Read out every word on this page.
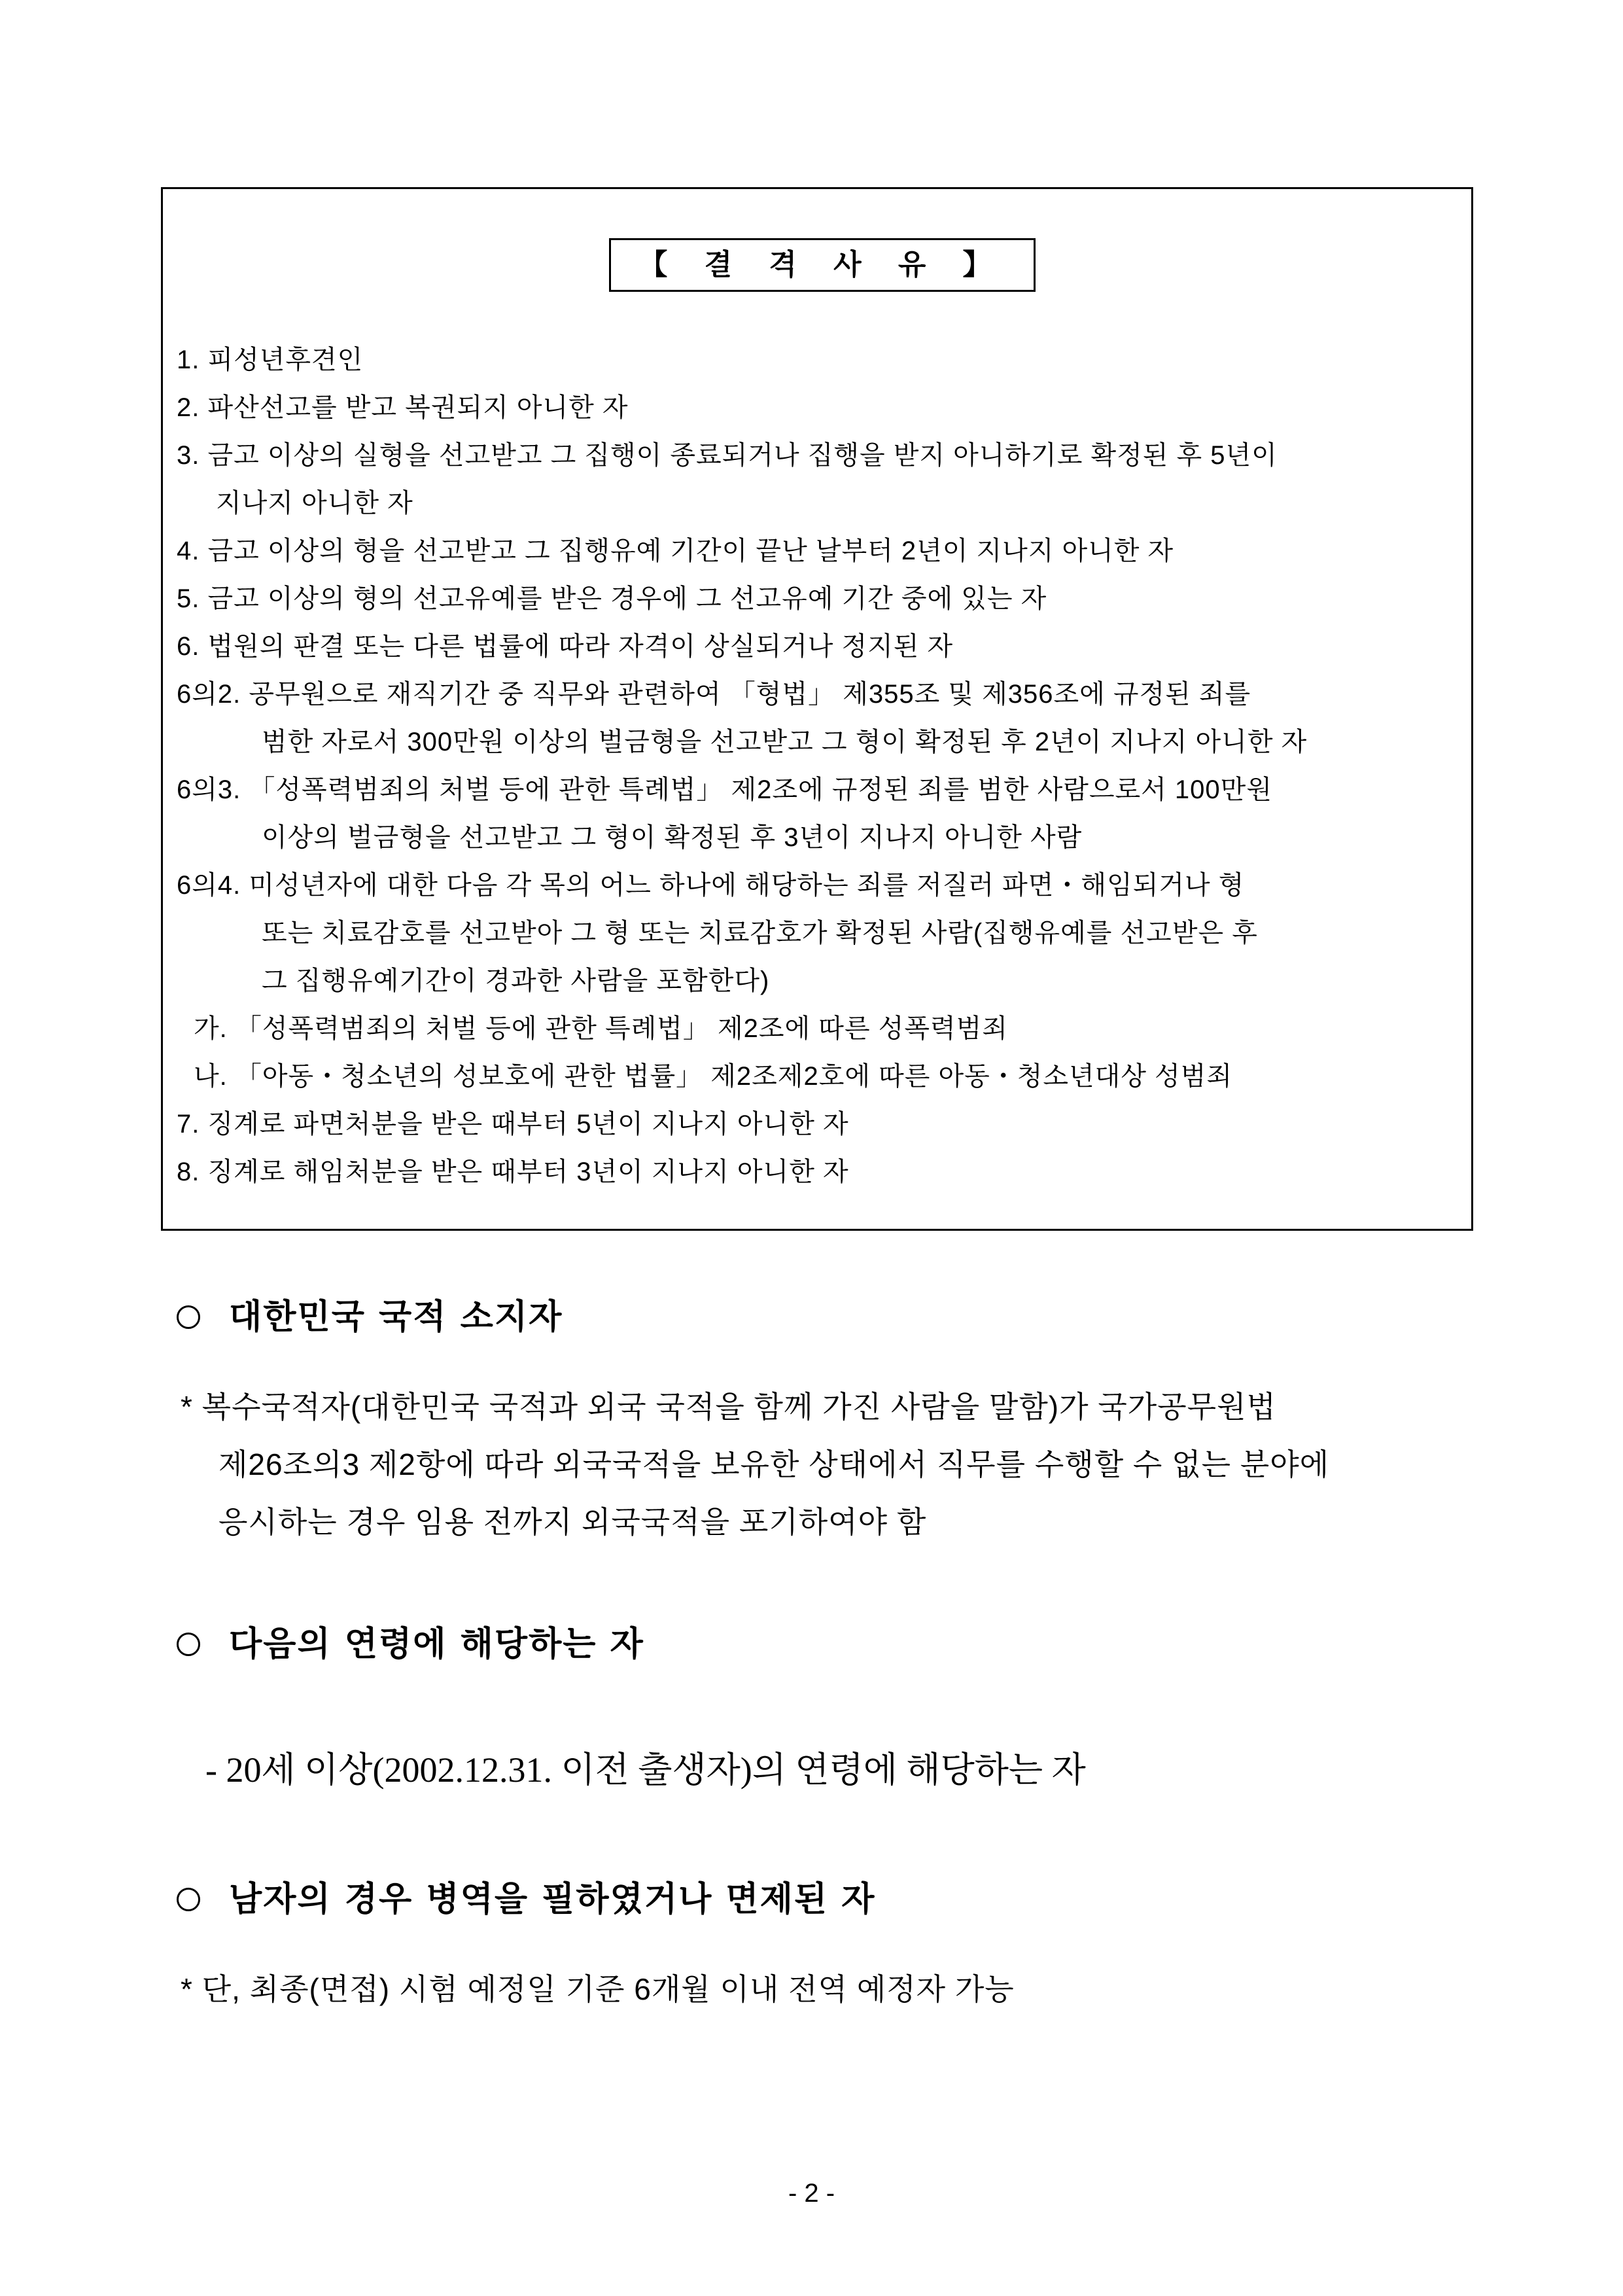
【 결 격 사 유 】
1. 피성년후견인
2. 파산선고를 받고 복권되지 아니한 자
3. 금고 이상의 실형을 선고받고 그 집행이 종료되거나 집행을 받지 아니하기로 확정된 후 5년이
지나지 아니한 자
4. 금고 이상의 형을 선고받고 그 집행유예 기간이 끝난 날부터 2년이 지나지 아니한 자
5. 금고 이상의 형의 선고유예를 받은 경우에 그 선고유예 기간 중에 있는 자
6. 법원의 판결 또는 다른 법률에 따라 자격이 상실되거나 정지된 자
6의2. 공무원으로 재직기간 중 직무와 관련하여 「형법」 제355조 및 제356조에 규정된 죄를
범한 자로서 300만원 이상의 벌금형을 선고받고 그 형이 확정된 후 2년이 지나지 아니한 자
6의3. 「성폭력범죄의 처벌 등에 관한 특례법」 제2조에 규정된 죄를 범한 사람으로서 100만원
이상의 벌금형을 선고받고 그 형이 확정된 후 3년이 지나지 아니한 사람
6의4. 미성년자에 대한 다음 각 목의 어느 하나에 해당하는 죄를 저질러 파면・해임되거나 형
또는 치료감호를 선고받아 그 형 또는 치료감호가 확정된 사람(집행유예를 선고받은 후
그 집행유예기간이 경과한 사람을 포함한다)
가. 「성폭력범죄의 처벌 등에 관한 특례법」 제2조에 따른 성폭력범죄
나. 「아동・청소년의 성보호에 관한 법률」 제2조제2호에 따른 아동・청소년대상 성범죄
7. 징계로 파면처분을 받은 때부터 5년이 지나지 아니한 자
8. 징계로 해임처분을 받은 때부터 3년이 지나지 아니한 자
대한민국 국적 소지자
* 복수국적자(대한민국 국적과 외국 국적을 함께 가진 사람을 말함)가 국가공무원법
제26조의3 제2항에 따라 외국국적을 보유한 상태에서 직무를 수행할 수 없는 분야에
응시하는 경우 임용 전까지 외국국적을 포기하여야 함
다음의 연령에 해당하는 자
- 20세 이상(2002.12.31. 이전 출생자)의 연령에 해당하는 자
남자의 경우 병역을 필하였거나 면제된 자
* 단, 최종(면접) 시험 예정일 기준 6개월 이내 전역 예정자 가능
- 2 -
